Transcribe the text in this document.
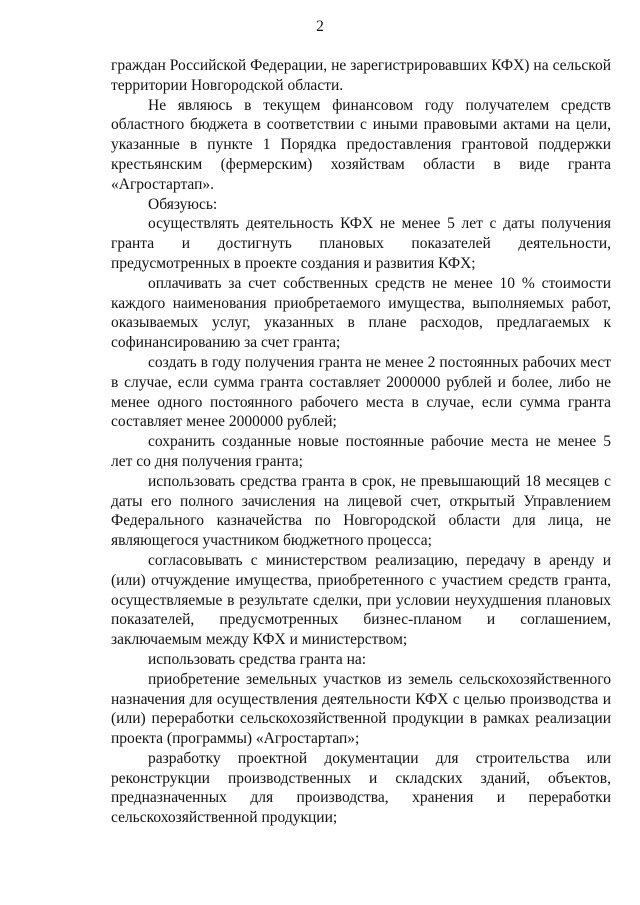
2

граждан Российской Федерации, не зарегистрировавших КФХ) на сельской территории Новгородской области.

Не являюсь в текущем финансовом году получателем средств областного бюджета в соответствии с иными правовыми актами на цели, указанные в пункте 1 Порядка предоставления грантовой поддержки крестьянским (фермерским) хозяйствам области в виде гранта «Агростартап».

Обязуюсь:

осуществлять деятельность КФХ не менее 5 лет с даты получения гранта и достигнуть плановых показателей деятельности, предусмотренных в проекте создания и развития КФХ;

оплачивать за счет собственных средств не менее 10 % стоимости каждого наименования приобретаемого имущества, выполняемых работ, оказываемых услуг, указанных в плане расходов, предлагаемых к софинансированию за счет гранта;

создать в году получения гранта не менее 2 постоянных рабочих мест в случае, если сумма гранта составляет 2000000 рублей и более, либо не менее одного постоянного рабочего места в случае, если сумма гранта составляет менее 2000000 рублей;

сохранить созданные новые постоянные рабочие места не менее 5 лет со дня получения гранта;

использовать средства гранта в срок, не превышающий 18 месяцев с даты его полного зачисления на лицевой счет, открытый Управлением Федерального казначейства по Новгородской области для лица, не являющегося участником бюджетного процесса;

согласовывать с министерством реализацию, передачу в аренду и (или) отчуждение имущества, приобретенного с участием средств гранта, осуществляемые в результате сделки, при условии неухудшения плановых показателей, предусмотренных бизнес-планом и соглашением, заключаемым между КФХ и министерством;

использовать средства гранта на:

приобретение земельных участков из земель сельскохозяйственного назначения для осуществления деятельности КФХ с целью производства и (или) переработки сельскохозяйственной продукции в рамках реализации проекта (программы) «Агростартап»;

разработку проектной документации для строительства или реконструкции производственных и складских зданий, объектов, предназначенных для производства, хранения и переработки сельскохозяйственной продукции;
